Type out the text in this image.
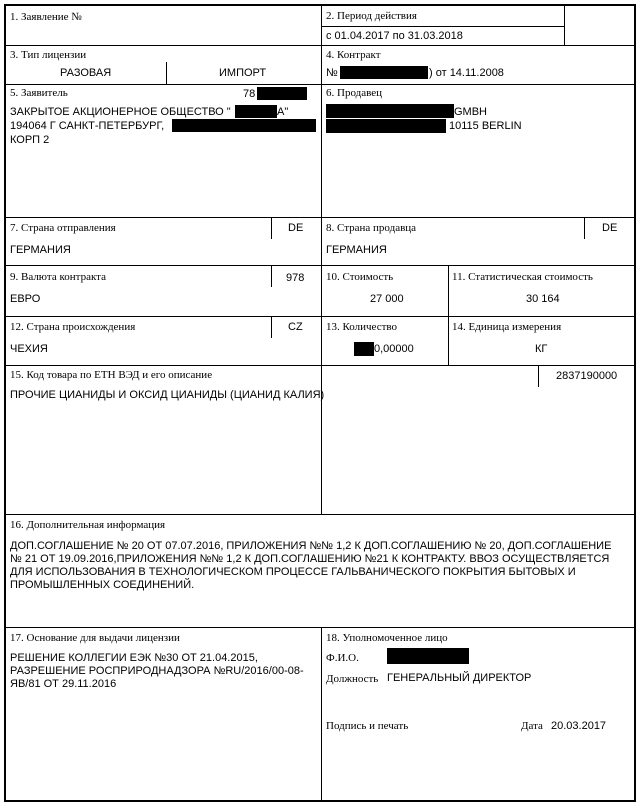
1. Заявление №	2. Период действия
с 01.04.2017 по 31.03.2018
3. Тип лицензии
РАЗОВАЯ	ИМПОРТ
4. Контракт
№	) от 14.11.2008
5. Заявитель	78
ЗАКРЫТОЕ АКЦИОНЕРНОЕ ОБЩЕСТВО "	А"
194064 Г САНКТ-ПЕТЕРБУРГ,
КОРП 2
6. Продавец
GMBH
10115 BERLIN
7. Страна отправления	DE
ГЕРМАНИЯ
8. Страна продавца	DE
ГЕРМАНИЯ
9. Валюта контракта	978
ЕВРО
10. Стоимость
27 000
11. Статистическая стоимость
30 164
12. Страна происхождения	CZ
ЧЕХИЯ
13. Количество
0,00000
14. Единица измерения
КГ
15. Код товара по ЕТН ВЭД и его описание	2837190000
ПРОЧИЕ ЦИАНИДЫ И ОКСИД ЦИАНИДЫ (ЦИАНИД КАЛИЯ)
16. Дополнительная информация
ДОП.СОГЛАШЕНИЕ № 20 ОТ 07.07.2016, ПРИЛОЖЕНИЯ №№ 1,2 К ДОП.СОГЛАШЕНИЮ № 20, ДОП.СОГЛАШЕНИЕ
№ 21 ОТ 19.09.2016,ПРИЛОЖЕНИЯ №№ 1,2 К ДОП.СОГЛАШЕНИЮ №21 К КОНТРАКТУ. ВВОЗ ОСУЩЕСТВЛЯЕТСЯ
ДЛЯ ИСПОЛЬЗОВАНИЯ В ТЕХНОЛОГИЧЕСКОМ ПРОЦЕССЕ ГАЛЬВАНИЧЕСКОГО ПОКРЫТИЯ БЫТОВЫХ И
ПРОМЫШЛЕННЫХ СОЕДИНЕНИЙ.
17. Основание для выдачи лицензии
РЕШЕНИЕ КОЛЛЕГИИ ЕЭК №30 ОТ 21.04.2015,
РАЗРЕШЕНИЕ РОСПРИРОДНАДЗОРА №RU/2016/00-08-
ЯВ/81 ОТ 29.11.2016
18. Уполномоченное лицо
Ф.И.О.
Должность ГЕНЕРАЛЬНЫЙ ДИРЕКТОР
Подпись и печать	Дата 20.03.2017
